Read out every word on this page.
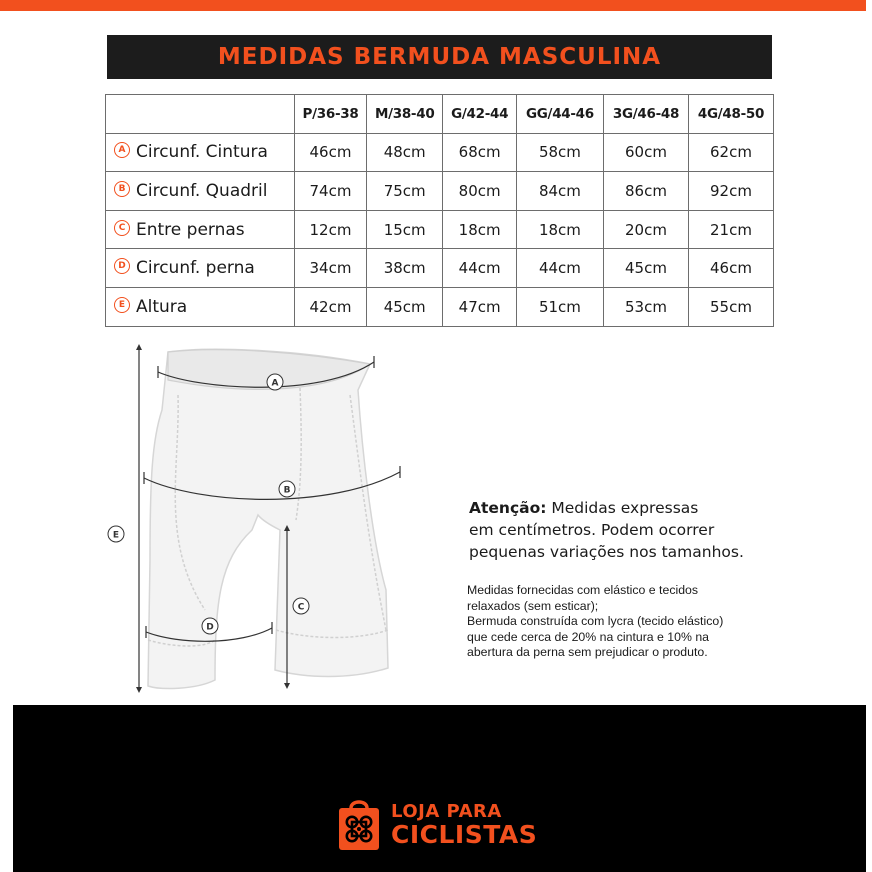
MEDIDAS BERMUDA MASCULINA
	P/36-38	M/38-40	G/42-44	GG/44-46	3G/46-48	4G/48-50
A Circunf. Cintura	46cm	48cm	68cm	58cm	60cm	62cm
B Circunf. Quadril	74cm	75cm	80cm	84cm	86cm	92cm
C Entre pernas	12cm	15cm	18cm	18cm	20cm	21cm
D Circunf. perna	34cm	38cm	44cm	44cm	45cm	46cm
E Altura	42cm	45cm	47cm	51cm	53cm	55cm
A
B
C
D
E
Atenção: Medidas expressas
em centímetros. Podem ocorrer
pequenas variações nos tamanhos.
Medidas fornecidas com elástico e tecidos
relaxados (sem esticar);
Bermuda construída com lycra (tecido elástico)
que cede cerca de 20% na cintura e 10% na
abertura da perna sem prejudicar o produto.
LOJA PARA
CICLISTAS
